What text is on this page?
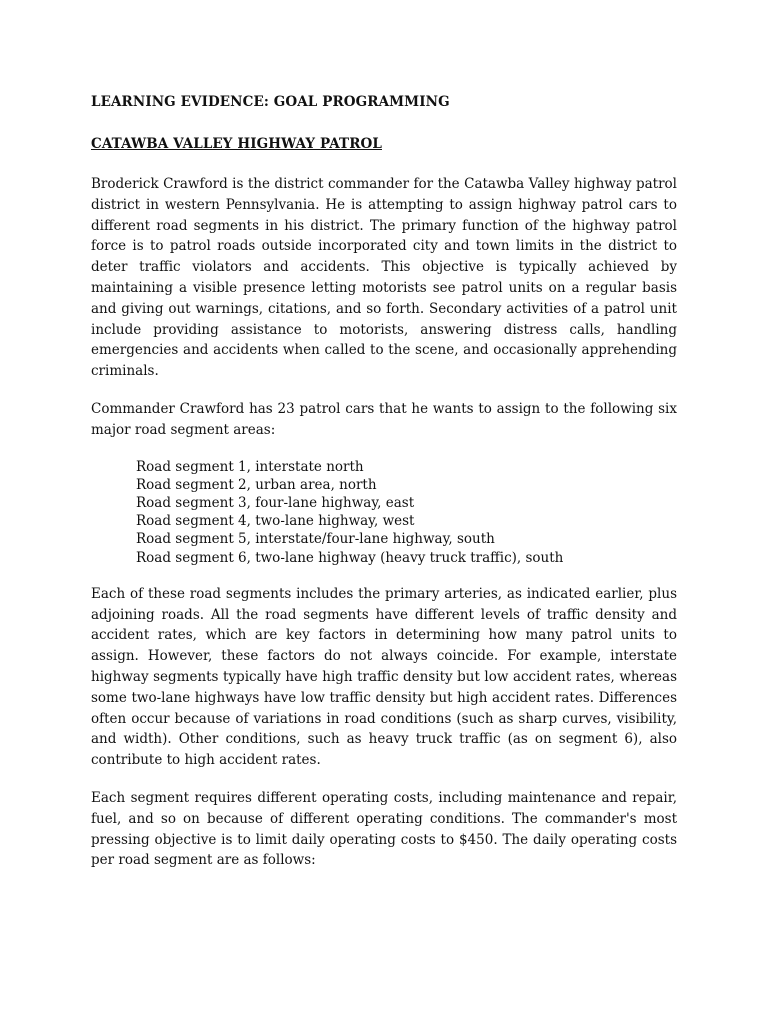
LEARNING EVIDENCE: GOAL PROGRAMMING
CATAWBA VALLEY HIGHWAY PATROL

Broderick Crawford is the district commander for the Catawba Valley highway patrol district in western Pennsylvania. He is attempting to assign highway patrol cars to different road segments in his district. The primary function of the highway patrol force is to patrol roads outside incorporated city and town limits in the district to deter traffic violators and accidents. This objective is typically achieved by maintaining a visible presence letting motorists see patrol units on a regular basis and giving out warnings, citations, and so forth. Secondary activities of a patrol unit include providing assistance to motorists, answering distress calls, handling emergencies and accidents when called to the scene, and occasionally apprehending criminals.

Commander Crawford has 23 patrol cars that he wants to assign to the following six major road segment areas:

Road segment 1, interstate north
Road segment 2, urban area, north
Road segment 3, four-lane highway, east
Road segment 4, two-lane highway, west
Road segment 5, interstate/four-lane highway, south
Road segment 6, two-lane highway (heavy truck traffic), south

Each of these road segments includes the primary arteries, as indicated earlier, plus adjoining roads. All the road segments have different levels of traffic density and accident rates, which are key factors in determining how many patrol units to assign. However, these factors do not always coincide. For example, interstate highway segments typically have high traffic density but low accident rates, whereas some two-lane highways have low traffic density but high accident rates. Differences often occur because of variations in road conditions (such as sharp curves, visibility, and width). Other conditions, such as heavy truck traffic (as on segment 6), also contribute to high accident rates.

Each segment requires different operating costs, including maintenance and repair, fuel, and so on because of different operating conditions. The commander's most pressing objective is to limit daily operating costs to $450. The daily operating costs per road segment are as follows:
